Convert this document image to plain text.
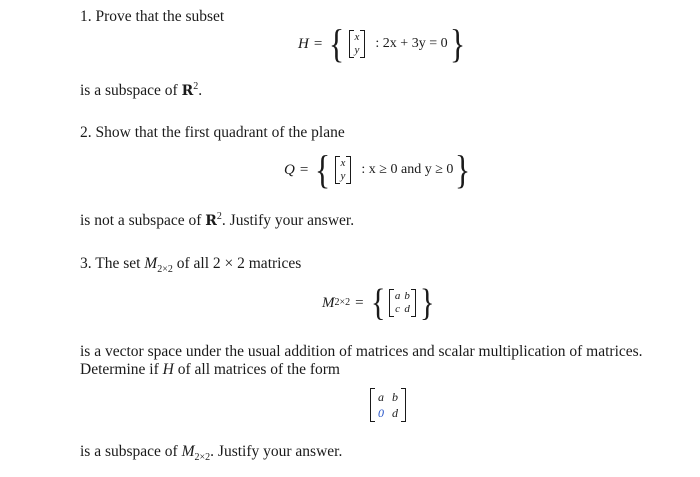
1. Prove that the subset
H = { x
y : 2x + 3y = 0 }
is a subspace of $R^2$.
2. Show that the first quadrant of the plane
Q = { x
y : x ≥ 0 and y ≥ 0 }
is not a subspace of $R^2$. Justify your answer.
3. The set $M_{2\times 2}$ of all 2 × 2 matrices
M 2×2 = { a
c
b
d }
is a vector space under the usual addition of matrices and scalar multiplication of matrices.
Determine if H of all matrices of the form
a
0
b
d
is a subspace of $M_{2\times 2}$. Justify your answer.
